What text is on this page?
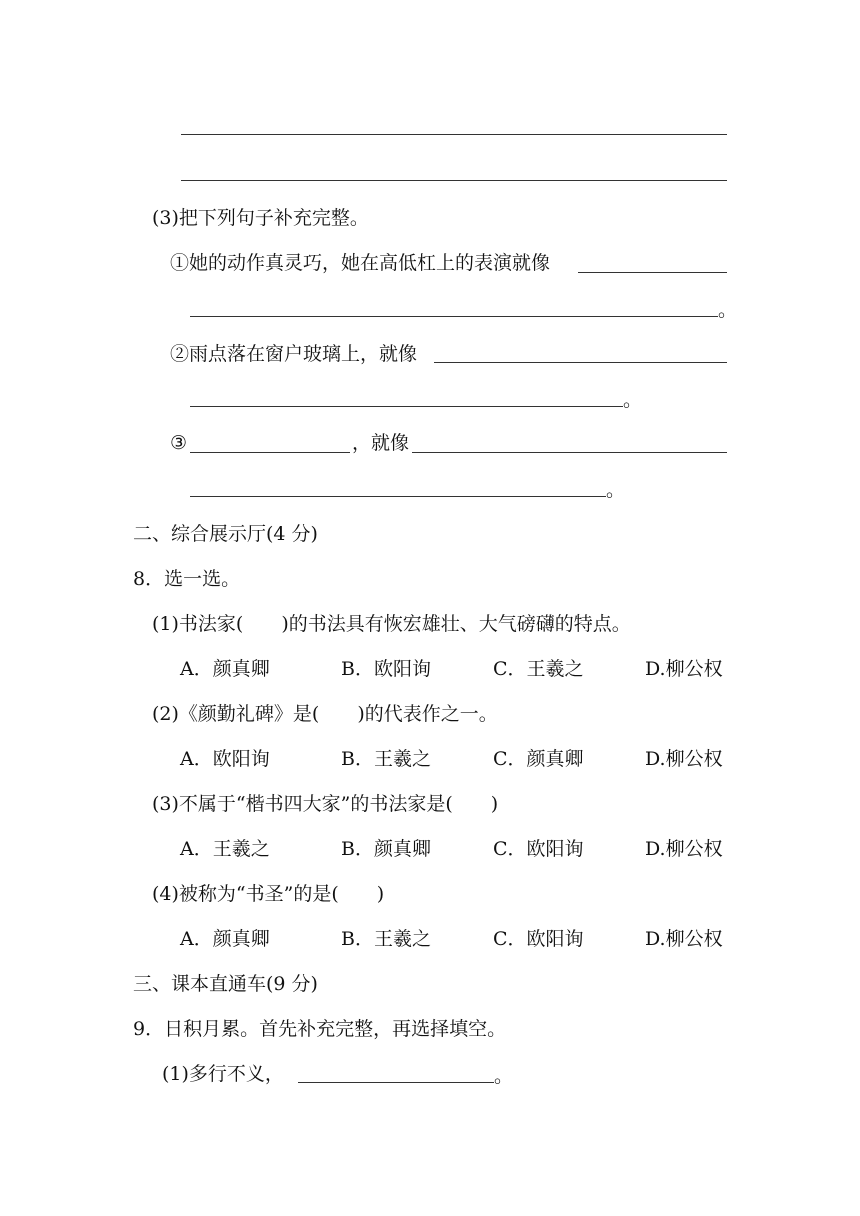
(3)把下列句子补充完整。
①她的动作真灵巧，她在高低杠上的表演就像
。
②雨点落在窗户玻璃上，就像
。
③	，就像
。
二、综合展示厅(4 分)
8．选一选。
(1)书法家(　　)的书法具有恢宏雄壮、大气磅礴的特点。
A．颜真卿	B．欧阳询	C．王羲之	D.柳公权
(2)《颜勤礼碑》是(　　)的代表作之一。
A．欧阳询	B．王羲之	C．颜真卿	D.柳公权
(3)不属于“楷书四大家”的书法家是(　　)
A．王羲之	B．颜真卿	C．欧阳询	D.柳公权
(4)被称为“书圣”的是(　　)
A．颜真卿	B．王羲之	C．欧阳询	D.柳公权
三、课本直通车(9 分)
9．日积月累。首先补充完整，再选择填空。
(1)多行不义，	。
